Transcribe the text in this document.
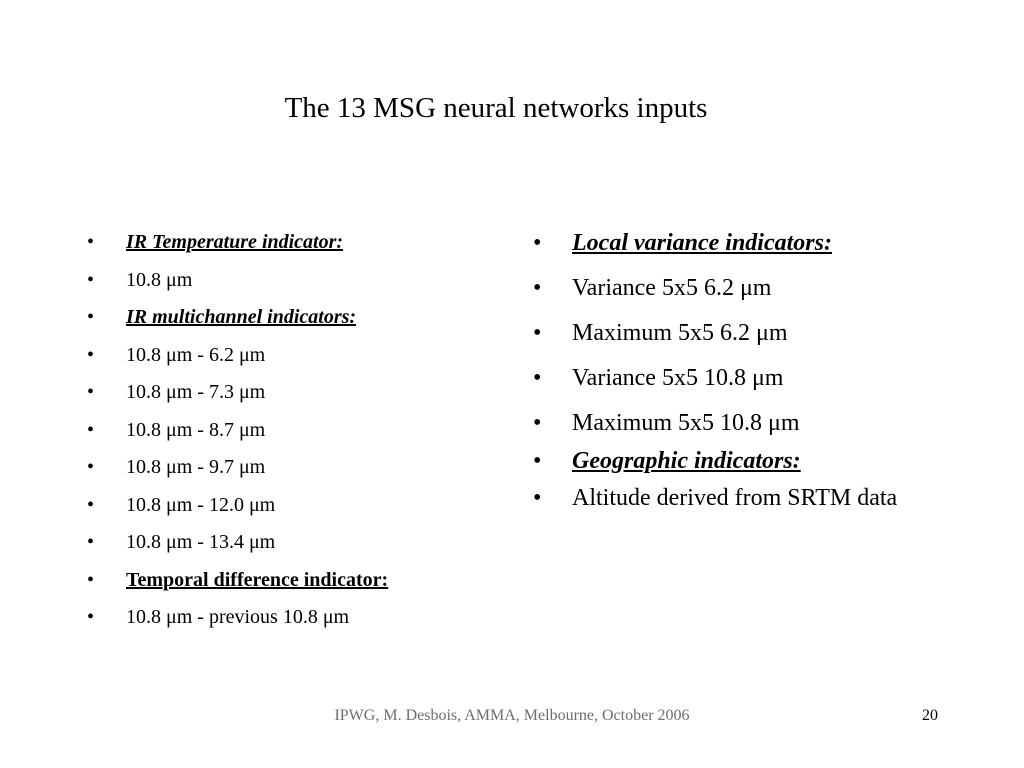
The 13 MSG neural networks inputs
• IR Temperature indicator:
• 10.8 μm
• IR multichannel indicators:
• 10.8 μm - 6.2 μm
• 10.8 μm - 7.3 μm
• 10.8 μm - 8.7 μm
• 10.8 μm - 9.7 μm
• 10.8 μm - 12.0 μm
• 10.8 μm - 13.4 μm
• Temporal difference indicator:
• 10.8 μm - previous 10.8 μm
• Local variance indicators:
• Variance 5x5 6.2 μm
• Maximum 5x5 6.2 μm
• Variance 5x5 10.8 μm
• Maximum 5x5 10.8 μm
• Geographic indicators:
• Altitude derived from SRTM data
IPWG, M. Desbois, AMMA, Melbourne, October 2006	20
